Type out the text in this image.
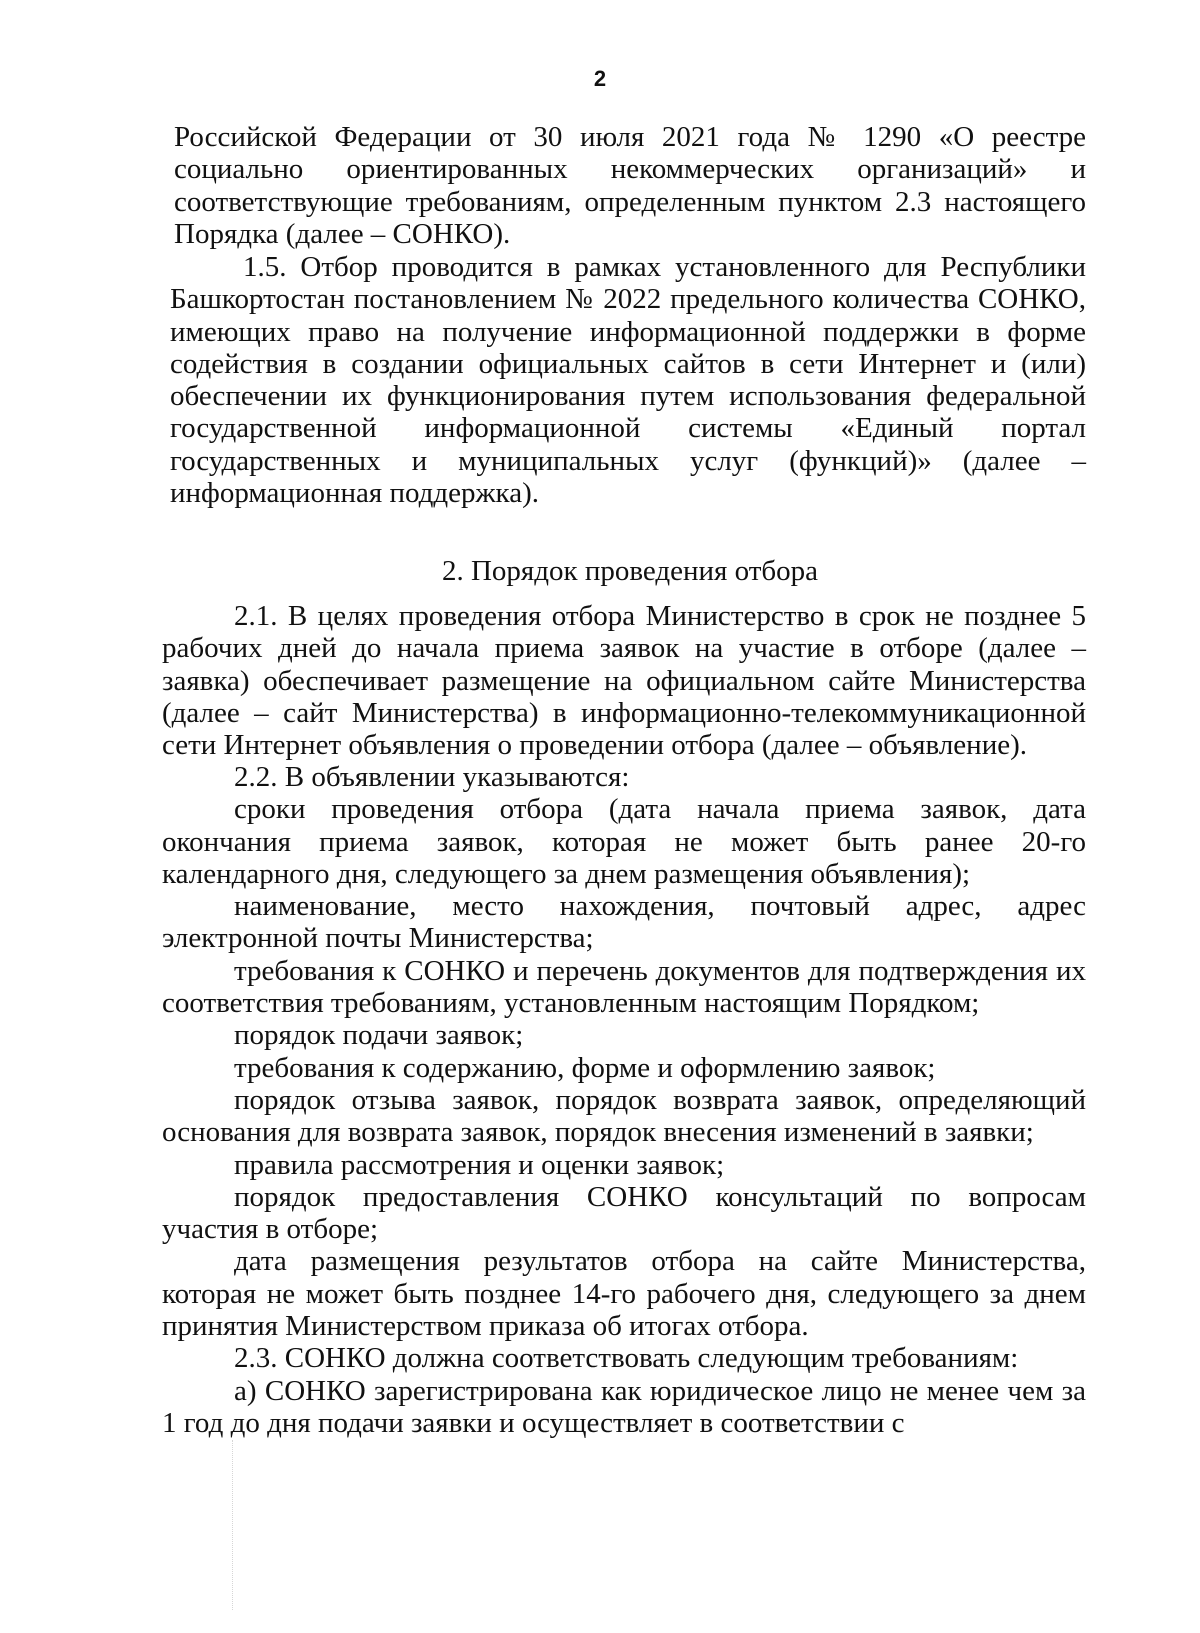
2

Российской Федерации от 30 июля 2021 года № 1290 «О реестре социально ориентированных некоммерческих организаций» и соответствующие требованиям, определенным пунктом 2.3 настоящего Порядка (далее – СОНКО).

1.5. Отбор проводится в рамках установленного для Республики Башкортостан постановлением № 2022 предельного количества СОНКО, имеющих право на получение информационной поддержки в форме содействия в создании официальных сайтов в сети Интернет и (или) обеспечении их функционирования путем использования федеральной государственной информационной системы «Единый портал государственных и муниципальных услуг (функций)» (далее – информационная поддержка).

2. Порядок проведения отбора

2.1. В целях проведения отбора Министерство в срок не позднее 5 рабочих дней до начала приема заявок на участие в отборе (далее – заявка) обеспечивает размещение на официальном сайте Министерства (далее – сайт Министерства) в информационно-телекоммуникационной сети Интернет объявления о проведении отбора (далее – объявление).

2.2. В объявлении указываются:

сроки проведения отбора (дата начала приема заявок, дата окончания приема заявок, которая не может быть ранее 20-го календарного дня, следующего за днем размещения объявления);

наименование, место нахождения, почтовый адрес, адрес электронной почты Министерства;

требования к СОНКО и перечень документов для подтверждения их соответствия требованиям, установленным настоящим Порядком;

порядок подачи заявок;

требования к содержанию, форме и оформлению заявок;

порядок отзыва заявок, порядок возврата заявок, определяющий основания для возврата заявок, порядок внесения изменений в заявки;

правила рассмотрения и оценки заявок;

порядок предоставления СОНКО консультаций по вопросам участия в отборе;

дата размещения результатов отбора на сайте Министерства, которая не может быть позднее 14-го рабочего дня, следующего за днем принятия Министерством приказа об итогах отбора.

2.3. СОНКО должна соответствовать следующим требованиям:

а) СОНКО зарегистрирована как юридическое лицо не менее чем за 1 год до дня подачи заявки и осуществляет в соответствии с
